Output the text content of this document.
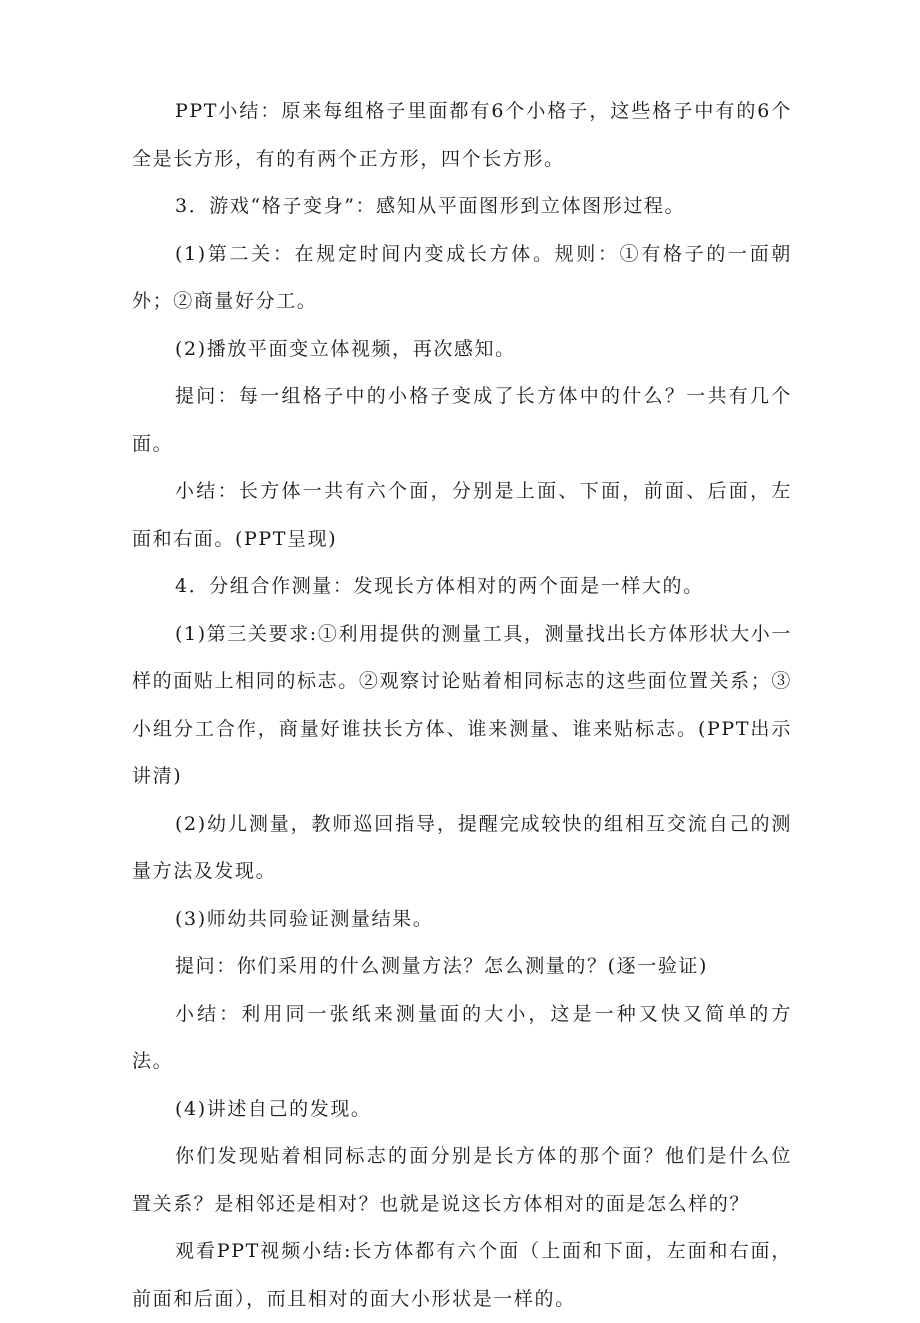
PPT小结：原来每组格子里面都有6个小格子，这些格子中有的6个全是长方形，有的有两个正方形，四个长方形。

3．游戏“格子变身”：感知从平面图形到立体图形过程。

(1)第二关：在规定时间内变成长方体。规则：①有格子的一面朝外；②商量好分工。

(2)播放平面变立体视频，再次感知。

提问：每一组格子中的小格子变成了长方体中的什么？一共有几个面。

小结：长方体一共有六个面，分别是上面、下面，前面、后面，左面和右面。(PPT呈现)

4．分组合作测量：发现长方体相对的两个面是一样大的。

(1)第三关要求:①利用提供的测量工具，测量找出长方体形状大小一样的面贴上相同的标志。②观察讨论贴着相同标志的这些面位置关系；③小组分工合作，商量好谁扶长方体、谁来测量、谁来贴标志。(PPT出示讲清)

(2)幼儿测量，教师巡回指导，提醒完成较快的组相互交流自己的测量方法及发现。

(3)师幼共同验证测量结果。

提问：你们采用的什么测量方法？怎么测量的？(逐一验证)

小结：利用同一张纸来测量面的大小，这是一种又快又简单的方法。

(4)讲述自己的发现。

你们发现贴着相同标志的面分别是长方体的那个面？他们是什么位置关系？是相邻还是相对？也就是说这长方体相对的面是怎么样的？

观看PPT视频小结:长方体都有六个面（上面和下面，左面和右面，前面和后面），而且相对的面大小形状是一样的。
